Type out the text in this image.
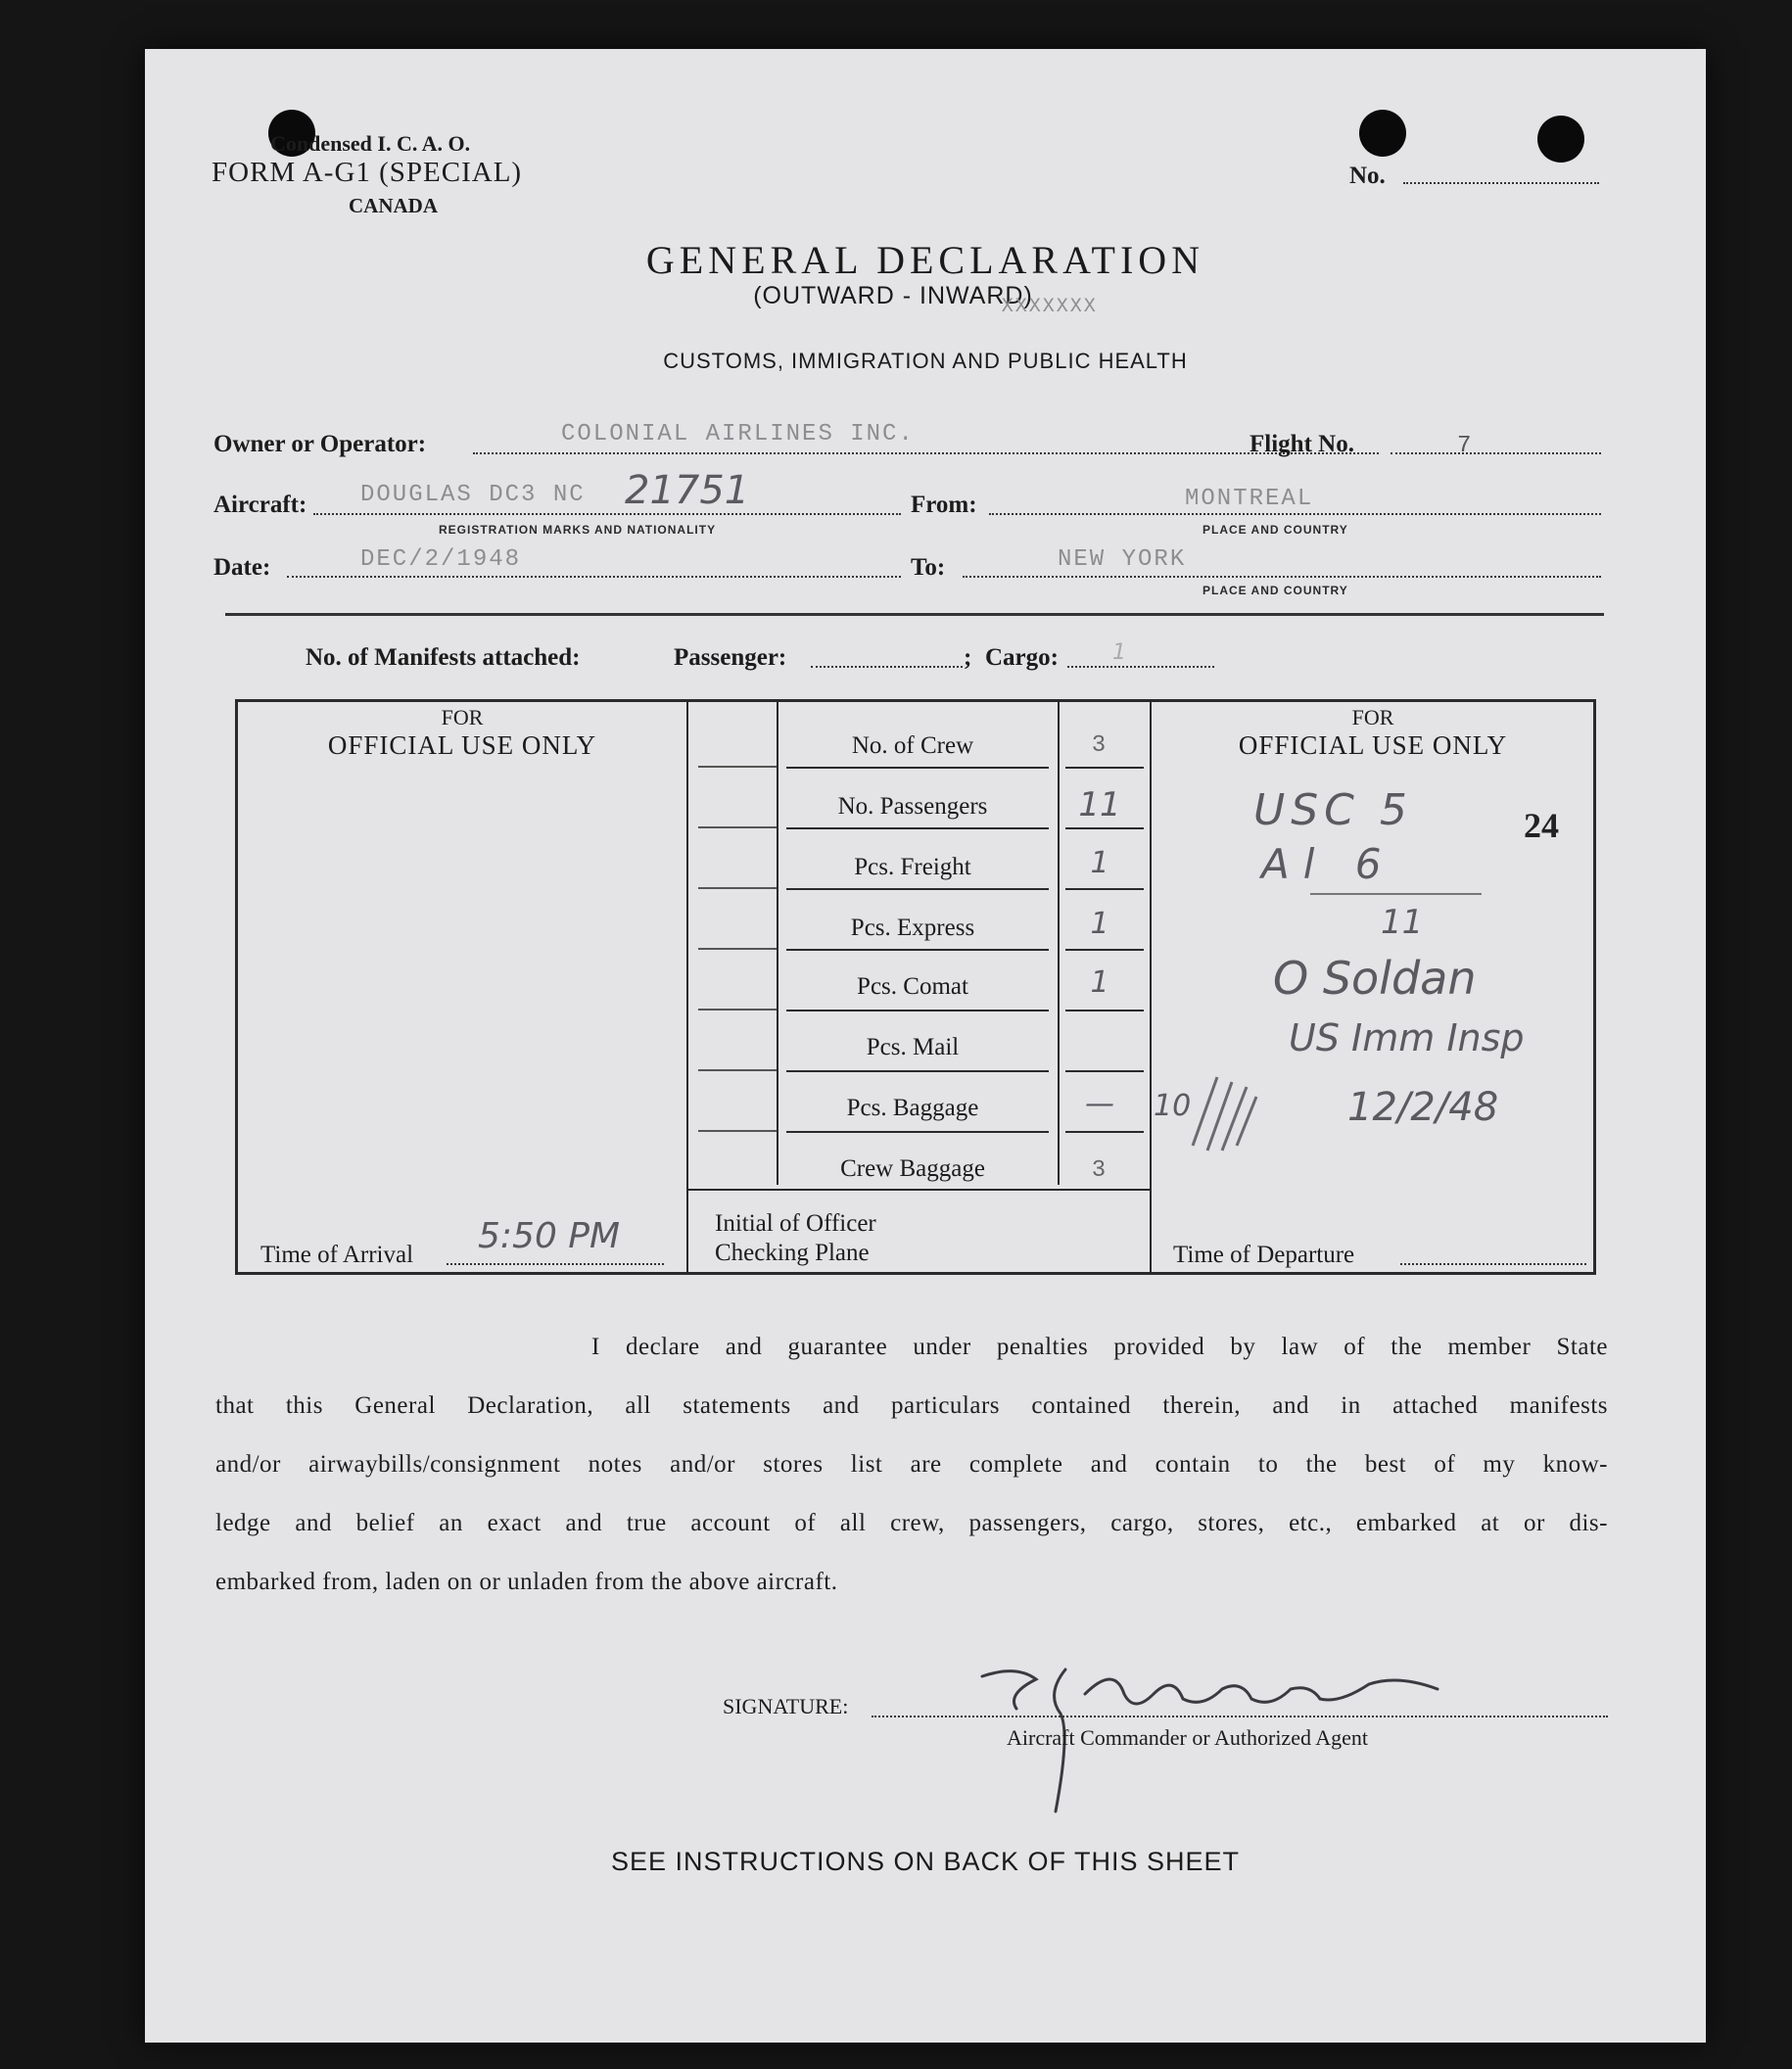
Condensed I. C. A. O.
FORM A-G1 (SPECIAL)
CANADA
No.
GENERAL DECLARATION
(OUTWARD - INWARD) $_{XXXXXXX}$
CUSTOMS, IMMIGRATION AND PUBLIC HEALTH
Owner or Operator:	COLONIAL AIRLINES INC.	Flight No.	7
Aircraft: DOUGLAS DC3 NC 21751
REGISTRATION MARKS AND NATIONALITY
From:	MONTREAL
PLACE AND COUNTRY
Date:	DEC/2/1948	To:	NEW YORK
PLACE AND COUNTRY
No. of Manifests attached:	Passenger:	; Cargo:	1
FOR
OFFICIAL USE ONLY
FOR
OFFICIAL USE ONLY
No. of Crew	3
No. Passengers	11
Pcs. Freight	1
Pcs. Express	1
Pcs. Comat	1
Pcs. Mail
Pcs. Baggage	—
Crew Baggage	3
Time of Arrival 5:50 PM	Initial of Officer
Checking Plane	Time of Departure
USC 5	24
Al 6
11
O Soldan
US Imm Insp
12/2/48
10
I declare and guarantee under penalties provided by law of the member State
that this General Declaration, all statements and particulars contained therein, and in attached manifests
and/or airwaybills/consignment notes and/or stores list are complete and contain to the best of my know-
ledge and belief an exact and true account of all crew, passengers, cargo, stores, etc., embarked at or dis-
embarked from, laden on or unladen from the above aircraft.
SIGNATURE:
Aircraft Commander or Authorized Agent
SEE INSTRUCTIONS ON BACK OF THIS SHEET
